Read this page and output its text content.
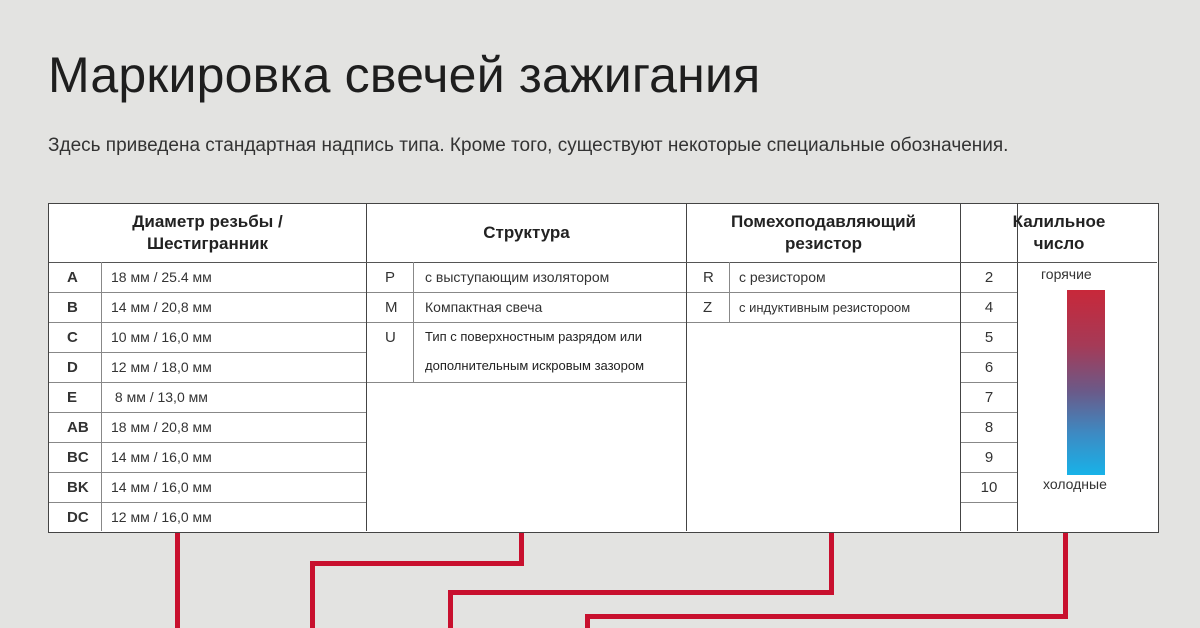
Маркировка свечей зажигания
Здесь приведена стандартная надпись типа. Кроме того, существуют некоторые специальные обозначения.
Диаметр резьбы /
Шестигранник
Структура
Помехоподавляющий
резистор
Калильное
число
A 18 мм / 25.4 мм
B 14 мм / 20,8 мм
C 10 мм / 16,0 мм
D 12 мм / 18,0 мм
E 8 мм / 13,0 мм
AB 18 мм / 20,8 мм
BC 14 мм / 16,0 мм
BK 14 мм / 16,0 мм
DC 12 мм / 16,0 мм
P с выступающим изолятором
M Компактная свеча
U Тип с поверхностным разрядом или
дополнительным искровым зазором
R с резистором
Z с индуктивным резистороом
2
4
5
6
7
8
9
10
горячие
холодные
